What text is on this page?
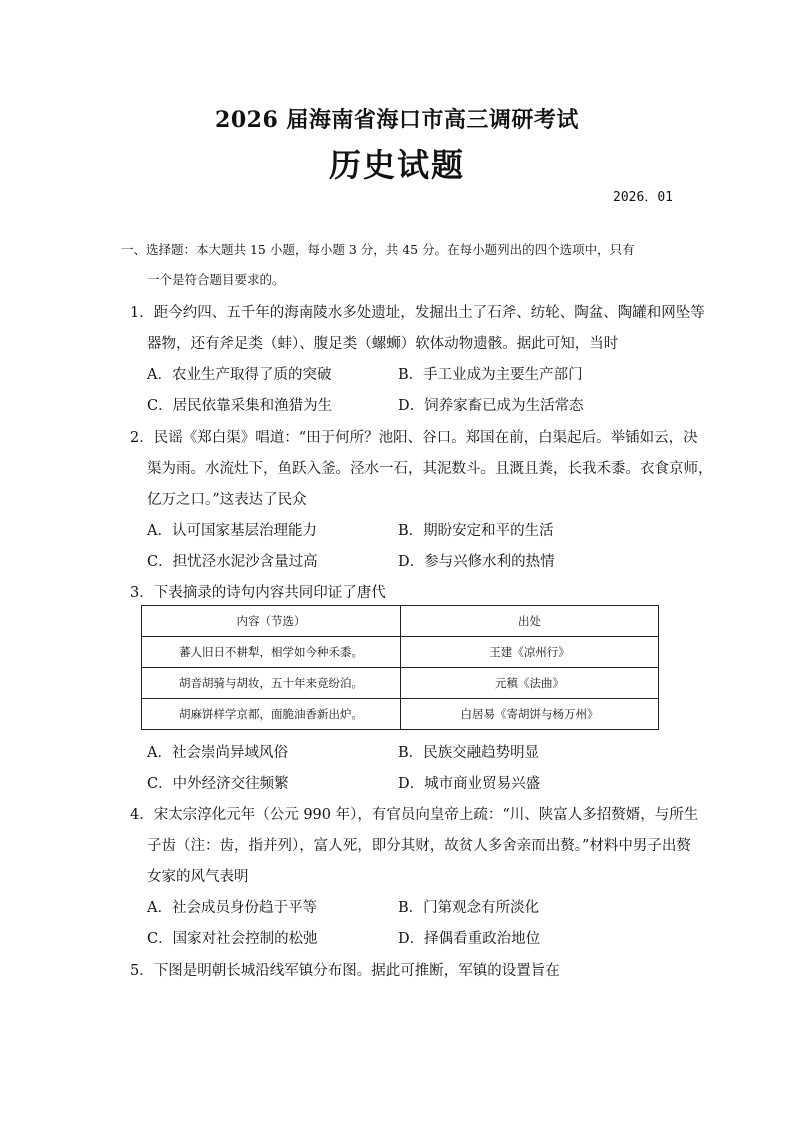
2026 届海南省海口市高三调研考试
历史试题
2026．01
一、选择题：本大题共 15 小题，每小题 3 分，共 45 分。在每小题列出的四个选项中，只有
一个是符合题目要求的。
1．距今约四、五千年的海南陵水多处遗址，发掘出土了石斧、纺轮、陶盆、陶罐和网坠等
器物，还有斧足类（蚌）、腹足类（螺蛳）软体动物遗骸。据此可知，当时
A．农业生产取得了质的突破	B．手工业成为主要生产部门
C．居民依靠采集和渔猎为生	D．饲养家畜已成为生活常态
2．民谣《郑白渠》唱道：“田于何所？池阳、谷口。郑国在前，白渠起后。举锸如云，决
渠为雨。水流灶下，鱼跃入釜。泾水一石，其泥数斗。且溉且粪，长我禾黍。衣食京师，
亿万之口。”这表达了民众
A．认可国家基层治理能力	B．期盼安定和平的生活
C．担忧泾水泥沙含量过高	D．参与兴修水利的热情
3．下表摘录的诗句内容共同印证了唐代
内容（节选）	出处
蕃人旧日不耕犁，相学如今种禾黍。	王建《凉州行》
胡音胡骑与胡妆，五十年来竞纷泊。	元稹《法曲》
胡麻饼样学京都，面脆油香新出炉。	白居易《寄胡饼与杨万州》
A．社会崇尚异域风俗	B．民族交融趋势明显
C．中外经济交往频繁	D．城市商业贸易兴盛
4．宋太宗淳化元年（公元 990 年），有官员向皇帝上疏：“川、陕富人多招赘婿，与所生
子齿（注：齿，指并列），富人死，即分其财，故贫人多舍亲而出赘。”材料中男子出赘
女家的风气表明
A．社会成员身份趋于平等	B．门第观念有所淡化
C．国家对社会控制的松弛	D．择偶看重政治地位
5．下图是明朝长城沿线军镇分布图。据此可推断，军镇的设置旨在
